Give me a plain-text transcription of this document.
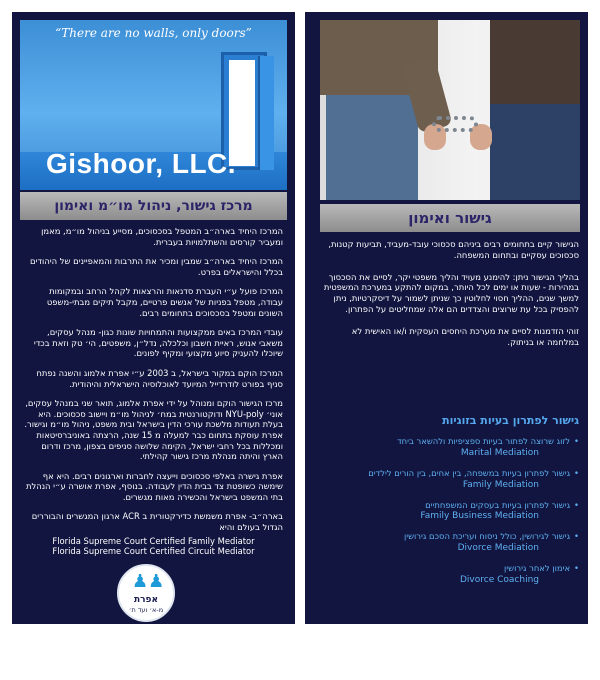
“There are no walls, only doors”
Gishoor, LLC.
מרכז גישור, ניהול מו״מ ואימון

המרכז היחיד בארה״ב המטפל בסכסוכים, מסייע בניהול מו״מ, מאמן ומעביר קורסים והשתלמויות בעברית.

המרכז היחיד בארה״ב שמבין ומכיר את התרבות והמאפיינים של היהודים בכלל והישראלים בפרט.

המרכז פועל ע״י העברת סדנאות והרצאות לקהל הרחב ובמקומות עבודה, מטפל בפניות של אנשים פרטיים, מקבל תיקים מבתי-משפט השונים ומטפל בסכסוכים בתחומים רבים.

עובדי המרכז באים ממקצועות והתמחויות שונות כגון- מנהל עסקים, משאבי אנוש, ראיית חשבון וכלכלה, נדל״ן, משפטים, הי׳ טק וזאת בכדי שיוכלו להעניק סיוע מקצועי ומקיף לפונים.

המרכז הוקם במקור בישראל, ב 2003 ע״י אפרת אלמוג והשנה נפתח סניף בפורט לודרדייל המיועד לאוכלוסיה הישראלית והיהודית.

מרכז הגישור הוקם ומנוהל על ידי אפרת אלמוג, תואר שני במנהל עסקים, אוני׳ NYU-poly ודוקטורנטית במח׳ לניהול מו״מ ויישוב סכסוכים. היא בעלת תעודות מלשכת עורכי הדין בישראל ובית משפט, ניהול מו״מ וגישור. אפרת עוסקת בתחום כבר למעלה מ 15 שנה, הרצתה באוניברסיטאות ומכללות בכל רחבי ישראל, הקימה שלושה סניפים בצפון, מרכז ודרום הארץ והיתה מנהלת מרכז גישור קהילתי.

אפרת גישרה באלפי סכסוכים וייעצה לחברות וארגונים רבים. היא אף שימשה כשופטת צד בבית הדין לעבודה. בנוסף, אפרת אושרה ע״י הנהלת בתי המשפט בישראל והכשירה מאות מגשרים.

בארה״ב- אפרת משמשת כדירקטורית ב ACR ארגון המגשרים והבוררים הגדול בעולם והיא

Florida Supreme Court Certified Family Mediator
Florida Supreme Court Certified Circuit Mediator
♟♟
אפרת
מ-א׳ ועד ת׳
גישור ואימון

הגישור קיים בתחומים רבים ביניהם סכסוכי עובד-מעביד, תביעות קטנות, סכסוכים עסקיים ובתחום המשפחה.

בהליך הגישור ניתן: להימנע מעויד והליך משפטי יקר, לסיים את הסכסוך במהירות - שעות או ימים לכל היותר, במקום להתקע במערכת המשפטית למשך שנים, ההליך חסוי לחלוטין כך שניתן לשמור על דיסקרטיות, ניתן להפסיק בכל עת שרוצים והצדדים הם אלה שמחליטים על הפתרון.

זוהי הזדמנות לסיים את מערכת היחסים העסקית ו/או האישית לא במלחמה או בניתוק.

גישור לפתרון בעיות בזוגיות
• לזוג שרוצה לפתור בעיות ספציפיות ולהשאר ביחד
Marital Mediation
• גישור לפתרון בעיות במשפחה, בין אחים, בין הורים לילדים
Family Mediation
• גישור לפתרון בעיות בעסקים המשפחתיים
Family Business Mediation
• גישור לגירושין, כולל ניסוח ועריכת הסכם גירושין
Divorce Mediation
• אימון לאחר גירושין
Divorce Coaching
